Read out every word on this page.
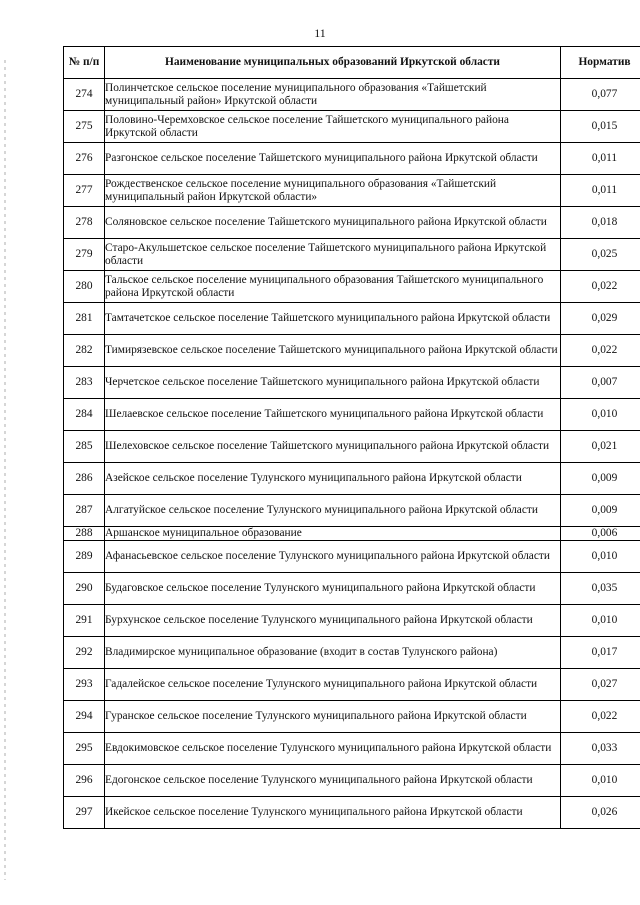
11
№ п/п	Наименование муниципальных образований Иркутской области	Норматив
274	Полинчетское сельское поселение муниципального образования «Тайшетский муниципальный район» Иркутской области	0,077
275	Половино-Черемховское сельское поселение Тайшетского муниципального района Иркутской области	0,015
276	Разгонское сельское поселение Тайшетского муниципального района Иркутской области	0,011
277	Рождественское сельское поселение муниципального образования «Тайшетский муниципальный район Иркутской области»	0,011
278	Соляновское сельское поселение Тайшетского муниципального района Иркутской области	0,018
279	Старо-Акульшетское сельское поселение Тайшетского муниципального района Иркутской области	0,025
280	Тальское сельское поселение муниципального образования Тайшетского муниципального района Иркутской области	0,022
281	Тамтачетское сельское поселение Тайшетского муниципального района Иркутской области	0,029
282	Тимирязевское сельское поселение Тайшетского муниципального района Иркутской области	0,022
283	Черчетское сельское поселение Тайшетского муниципального района Иркутской области	0,007
284	Шелаевское сельское поселение Тайшетского муниципального района Иркутской области	0,010
285	Шелеховское сельское поселение Тайшетского муниципального района Иркутской области	0,021
286	Азейское сельское поселение Тулунского муниципального района Иркутской области	0,009
287	Алгатуйское сельское поселение Тулунского муниципального района Иркутской области	0,009
288	Аршанское муниципальное образование	0,006
289	Афанасьевское сельское поселение Тулунского муниципального района Иркутской области	0,010
290	Будаговское сельское поселение Тулунского муниципального района Иркутской области	0,035
291	Бурхунское сельское поселение Тулунского муниципального района Иркутской области	0,010
292	Владимирское муниципальное образование (входит в состав Тулунского района)	0,017
293	Гадалейское сельское поселение Тулунского муниципального района Иркутской области	0,027
294	Гуранское сельское поселение Тулунского муниципального района Иркутской области	0,022
295	Евдокимовское сельское поселение Тулунского муниципального района Иркутской области	0,033
296	Едогонское сельское поселение Тулунского муниципального района Иркутской области	0,010
297	Икейское сельское поселение Тулунского муниципального района Иркутской области	0,026
